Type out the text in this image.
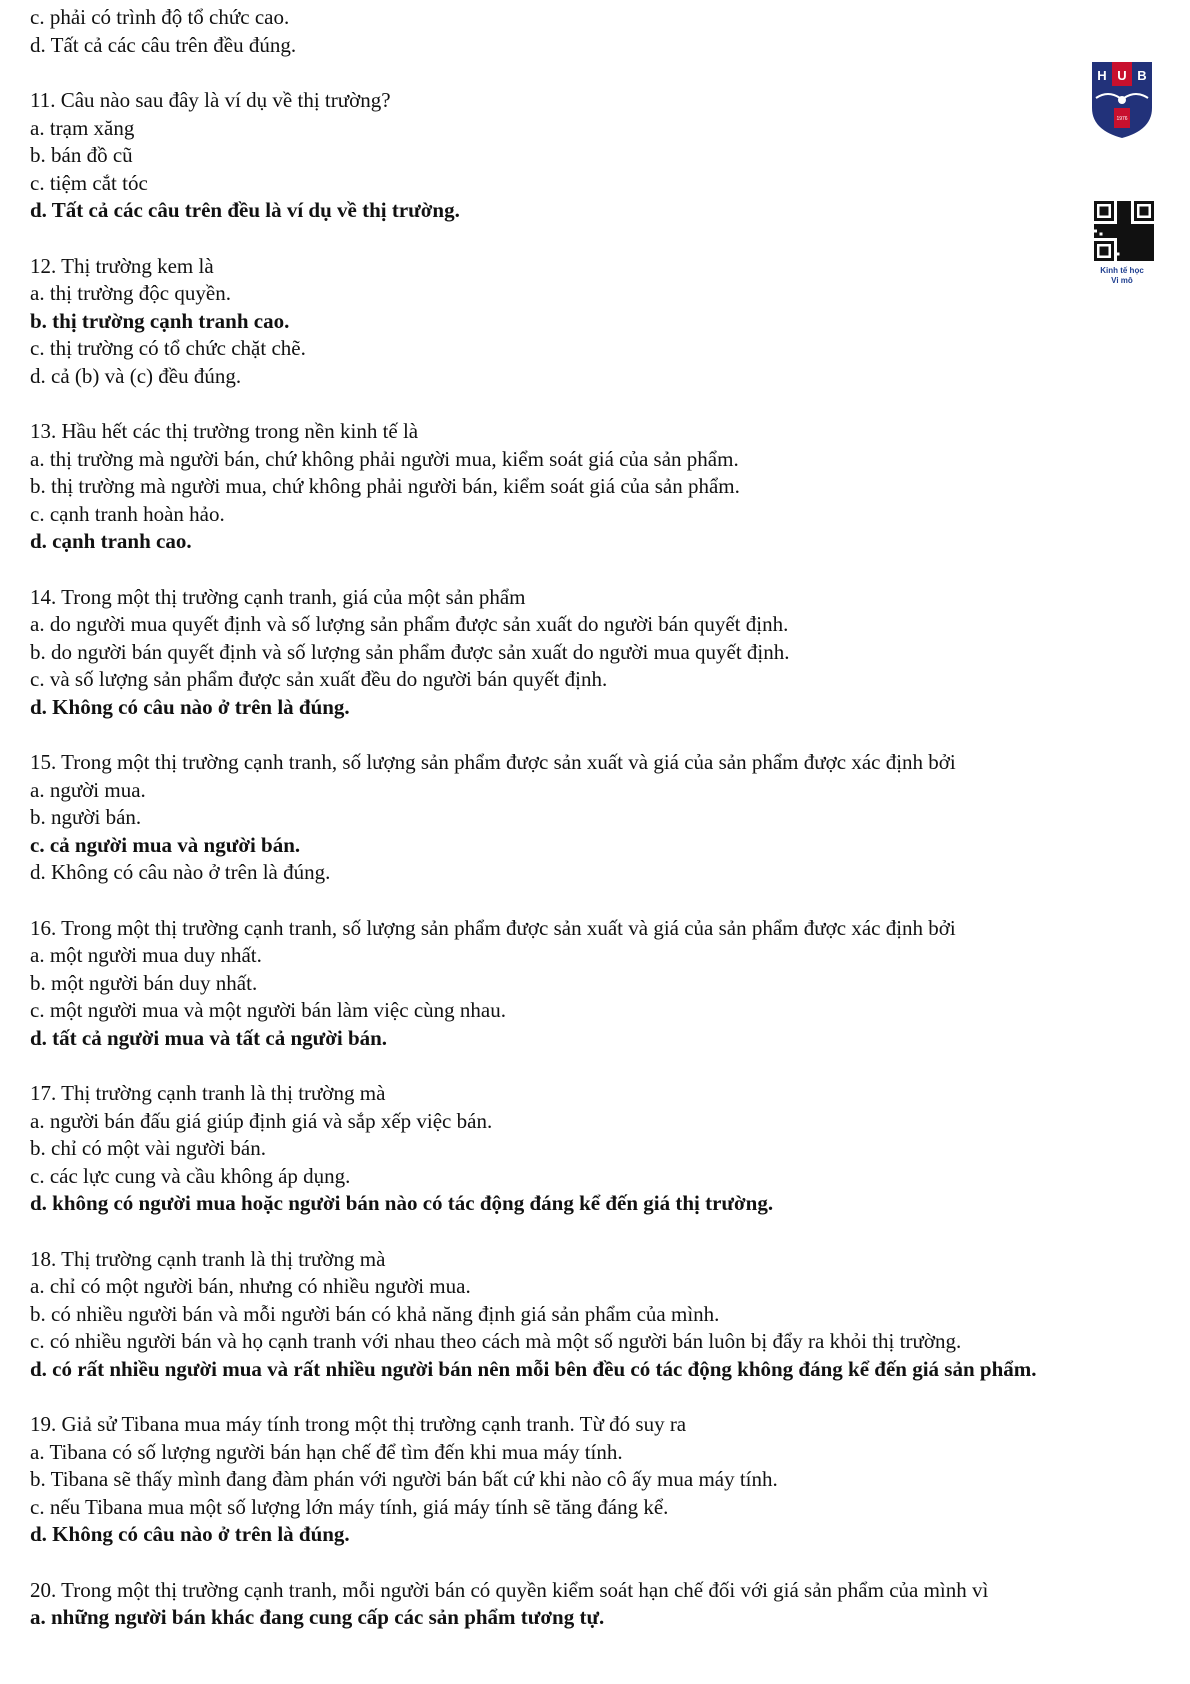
c. phải có trình độ tổ chức cao.
d. Tất cả các câu trên đều đúng.
11. Câu nào sau đây là ví dụ về thị trường?
a. trạm xăng
b. bán đồ cũ
c. tiệm cắt tóc
d. Tất cả các câu trên đều là ví dụ về thị trường.
12. Thị trường kem là
a. thị trường độc quyền.
b. thị trường cạnh tranh cao.
c. thị trường có tổ chức chặt chẽ.
d. cả (b) và (c) đều đúng.
13. Hầu hết các thị trường trong nền kinh tế là
a. thị trường mà người bán, chứ không phải người mua, kiểm soát giá của sản phẩm.
b. thị trường mà người mua, chứ không phải người bán, kiểm soát giá của sản phẩm.
c. cạnh tranh hoàn hảo.
d. cạnh tranh cao.
14. Trong một thị trường cạnh tranh, giá của một sản phẩm
a. do người mua quyết định và số lượng sản phẩm được sản xuất do người bán quyết định.
b. do người bán quyết định và số lượng sản phẩm được sản xuất do người mua quyết định.
c. và số lượng sản phẩm được sản xuất đều do người bán quyết định.
d. Không có câu nào ở trên là đúng.
15. Trong một thị trường cạnh tranh, số lượng sản phẩm được sản xuất và giá của sản phẩm được xác định bởi
a. người mua.
b. người bán.
c. cả người mua và người bán.
d. Không có câu nào ở trên là đúng.
16. Trong một thị trường cạnh tranh, số lượng sản phẩm được sản xuất và giá của sản phẩm được xác định bởi
a. một người mua duy nhất.
b. một người bán duy nhất.
c. một người mua và một người bán làm việc cùng nhau.
d. tất cả người mua và tất cả người bán.
17. Thị trường cạnh tranh là thị trường mà
a. người bán đấu giá giúp định giá và sắp xếp việc bán.
b. chỉ có một vài người bán.
c. các lực cung và cầu không áp dụng.
d. không có người mua hoặc người bán nào có tác động đáng kể đến giá thị trường.
18. Thị trường cạnh tranh là thị trường mà
a. chỉ có một người bán, nhưng có nhiều người mua.
b. có nhiều người bán và mỗi người bán có khả năng định giá sản phẩm của mình.
c. có nhiều người bán và họ cạnh tranh với nhau theo cách mà một số người bán luôn bị đẩy ra khỏi thị trường.
d. có rất nhiều người mua và rất nhiều người bán nên mỗi bên đều có tác động không đáng kể đến giá sản phẩm.
19. Giả sử Tibana mua máy tính trong một thị trường cạnh tranh. Từ đó suy ra
a. Tibana có số lượng người bán hạn chế để tìm đến khi mua máy tính.
b. Tibana sẽ thấy mình đang đàm phán với người bán bất cứ khi nào cô ấy mua máy tính.
c. nếu Tibana mua một số lượng lớn máy tính, giá máy tính sẽ tăng đáng kể.
d. Không có câu nào ở trên là đúng.
20. Trong một thị trường cạnh tranh, mỗi người bán có quyền kiểm soát hạn chế đối với giá sản phẩm của mình vì
a. những người bán khác đang cung cấp các sản phẩm tương tự.
H U B
1976
Kinh tế học
Vi mô
